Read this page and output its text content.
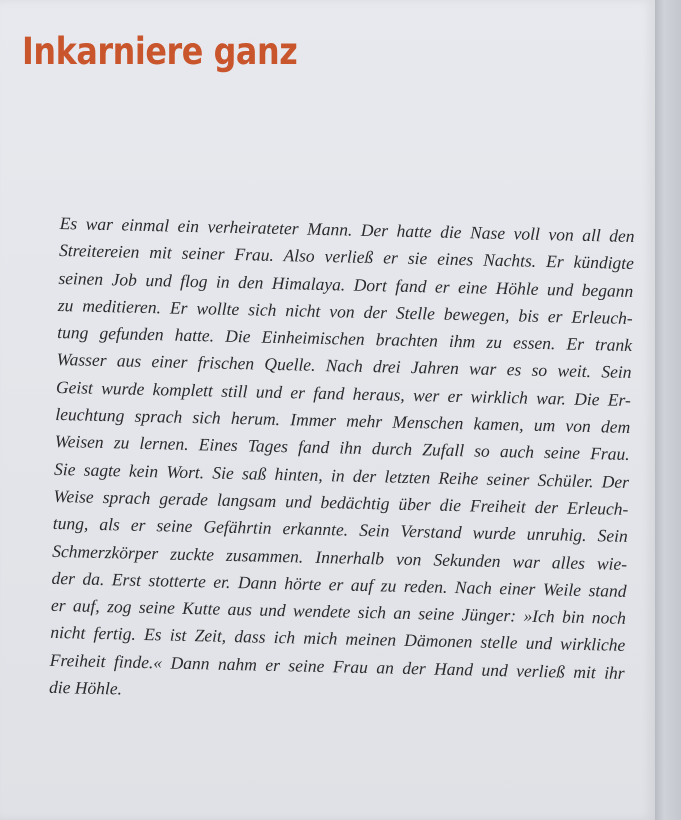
Inkarniere ganz
Es war einmal ein verheirateter Mann. Der hatte die Nase voll von all den
Streitereien mit seiner Frau. Also verließ er sie eines Nachts. Er kündigte
seinen Job und flog in den Himalaya. Dort fand er eine Höhle und begann
zu meditieren. Er wollte sich nicht von der Stelle bewegen, bis er Erleuch-
tung gefunden hatte. Die Einheimischen brachten ihm zu essen. Er trank
Wasser aus einer frischen Quelle. Nach drei Jahren war es so weit. Sein
Geist wurde komplett still und er fand heraus, wer er wirklich war. Die Er-
leuchtung sprach sich herum. Immer mehr Menschen kamen, um von dem
Weisen zu lernen. Eines Tages fand ihn durch Zufall so auch seine Frau.
Sie sagte kein Wort. Sie saß hinten, in der letzten Reihe seiner Schüler. Der
Weise sprach gerade langsam und bedächtig über die Freiheit der Erleuch-
tung, als er seine Gefährtin erkannte. Sein Verstand wurde unruhig. Sein
Schmerzkörper zuckte zusammen. Innerhalb von Sekunden war alles wie-
der da. Erst stotterte er. Dann hörte er auf zu reden. Nach einer Weile stand
er auf, zog seine Kutte aus und wendete sich an seine Jünger: »Ich bin noch
nicht fertig. Es ist Zeit, dass ich mich meinen Dämonen stelle und wirkliche
Freiheit finde.« Dann nahm er seine Frau an der Hand und verließ mit ihr
die Höhle.
